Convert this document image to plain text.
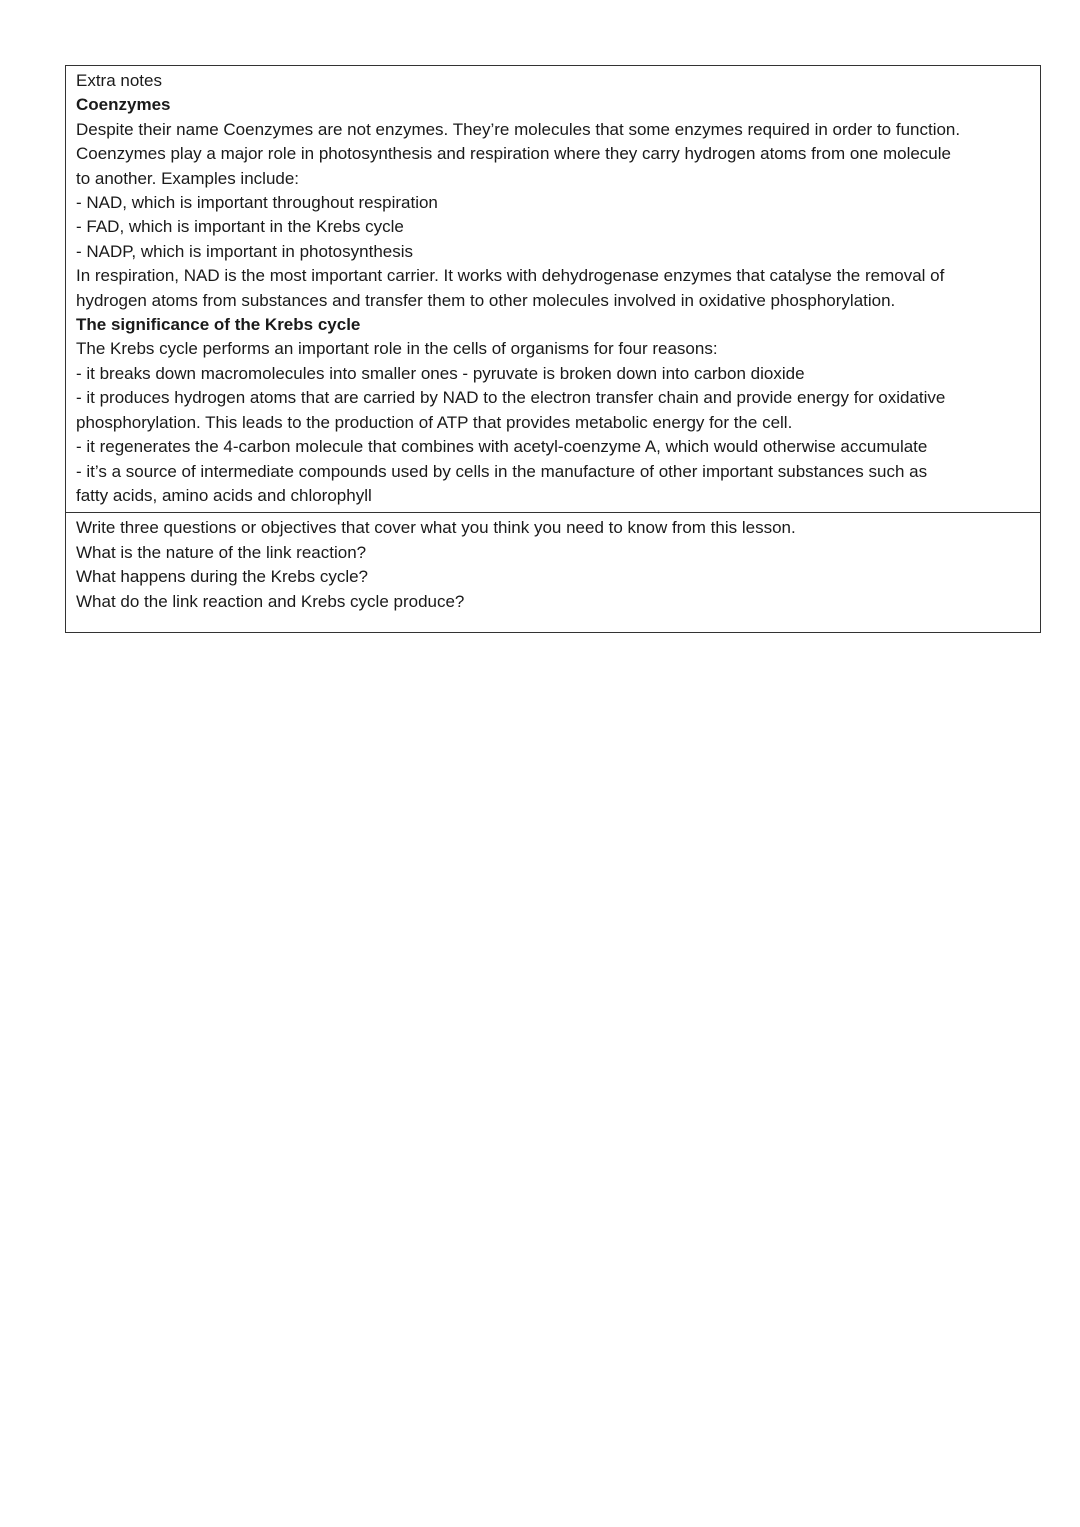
Extra notes
Coenzymes
Despite their name Coenzymes are not enzymes. They’re molecules that some enzymes required in order to function.
Coenzymes play a major role in photosynthesis and respiration where they carry hydrogen atoms from one molecule
to another. Examples include:
- NAD, which is important throughout respiration
- FAD, which is important in the Krebs cycle
- NADP, which is important in photosynthesis
In respiration, NAD is the most important carrier. It works with dehydrogenase enzymes that catalyse the removal of
hydrogen atoms from substances and transfer them to other molecules involved in oxidative phosphorylation.
The significance of the Krebs cycle
The Krebs cycle performs an important role in the cells of organisms for four reasons:
- it breaks down macromolecules into smaller ones - pyruvate is broken down into carbon dioxide
- it produces hydrogen atoms that are carried by NAD to the electron transfer chain and provide energy for oxidative
phosphorylation. This leads to the production of ATP that provides metabolic energy for the cell.
- it regenerates the 4-carbon molecule that combines with acetyl-coenzyme A, which would otherwise accumulate
- it’s a source of intermediate compounds used by cells in the manufacture of other important substances such as
fatty acids, amino acids and chlorophyll
Write three questions or objectives that cover what you think you need to know from this lesson.
What is the nature of the link reaction?
What happens during the Krebs cycle?
What do the link reaction and Krebs cycle produce?
